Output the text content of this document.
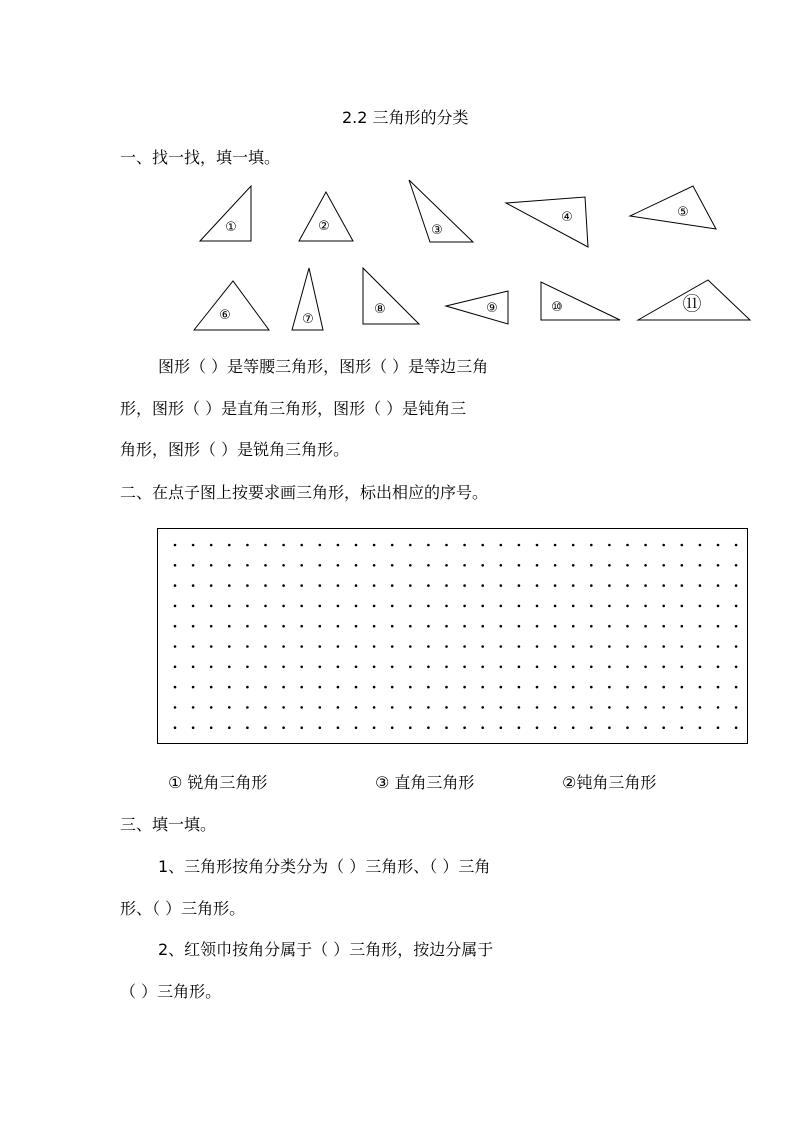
2.2 三角形的分类
一、找一找，填一填。
①	②	③
④	⑤
⑥	⑦
⑧	⑨	⑩	⑪
图形（ ）是等腰三角形，图形（ ）是等边三角
形，图形（ ）是直角三角形，图形（ ）是钝角三
角形，图形（ ）是锐角三角形。
二、在点子图上按要求画三角形，标出相应的序号。
① 锐角三角形	③ 直角三角形	②钝角三角形
三、填一填。
1、三角形按角分类分为（ ）三角形、（ ）三角
形、（ ）三角形。
2、红领巾按角分属于（ ）三角形，按边分属于
（ ）三角形。
